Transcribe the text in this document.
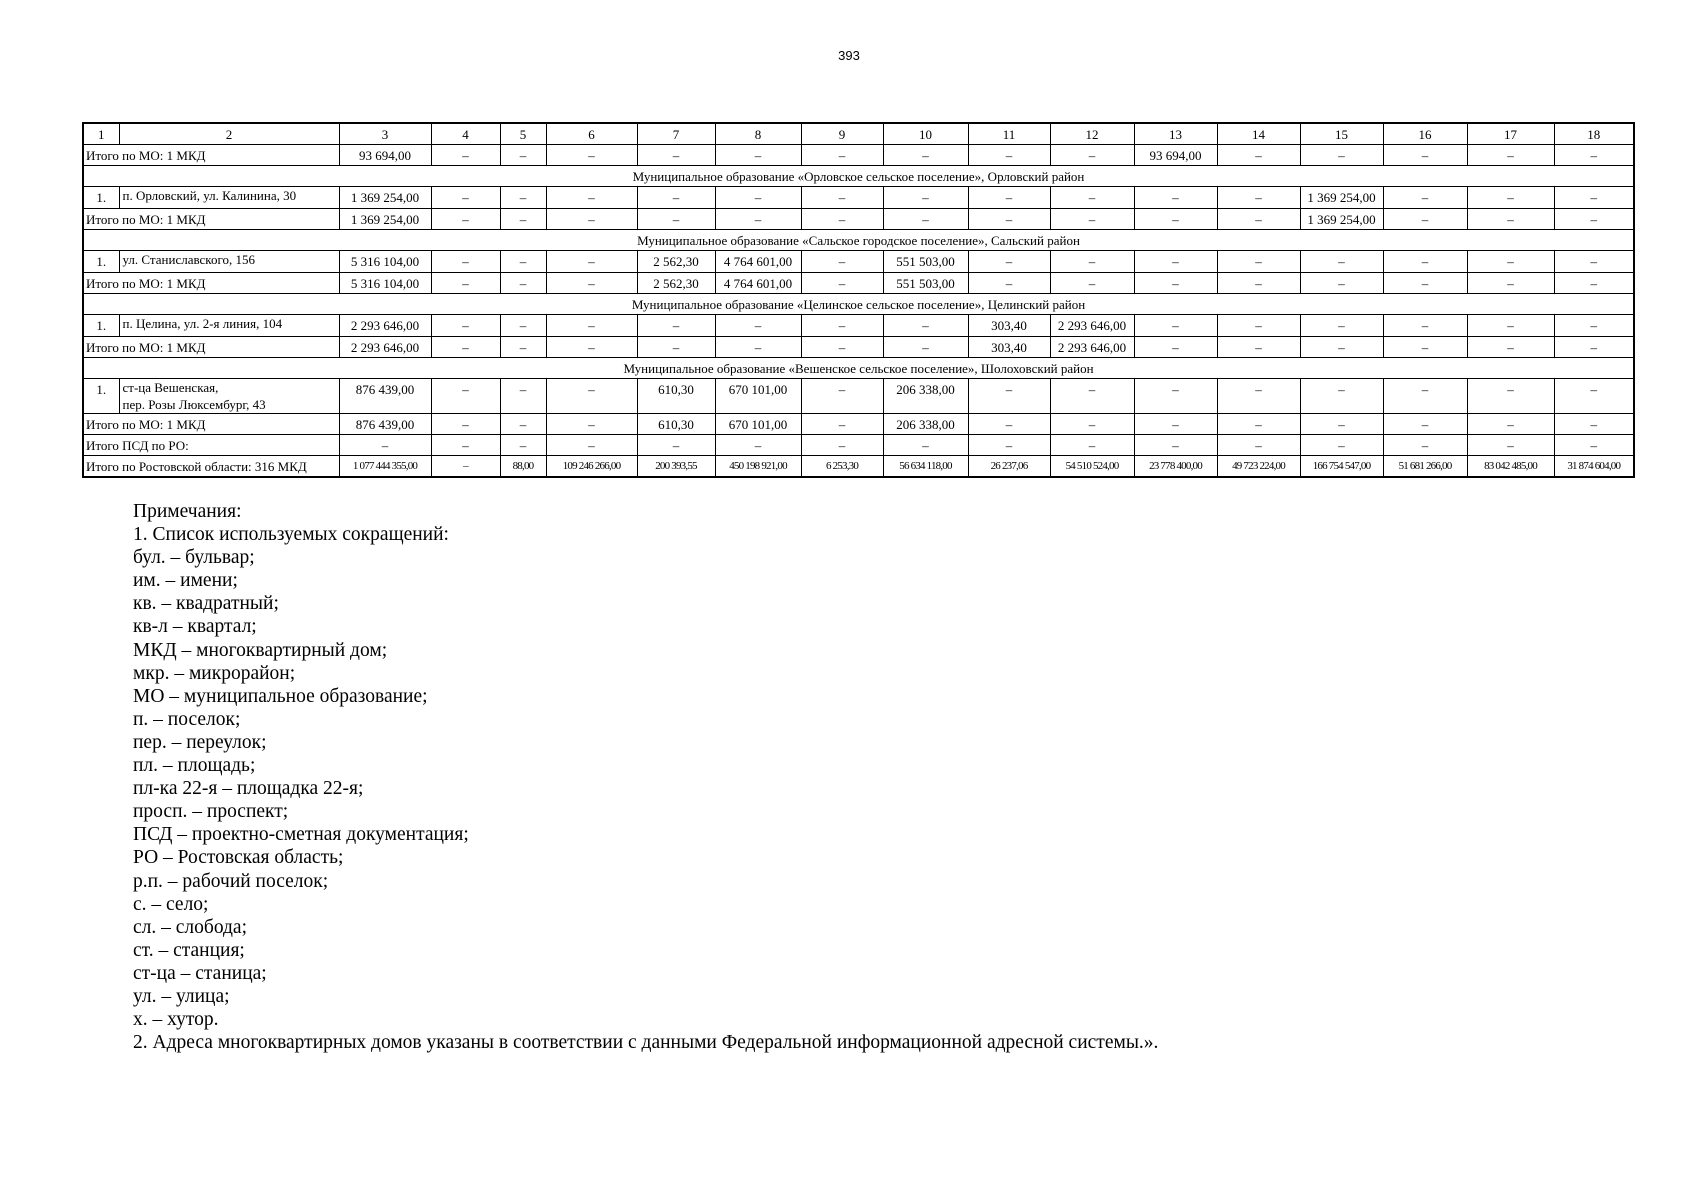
393
1	2	3	4	5	6	7	8	9	10	11	12	13	14	15	16	17	18
Итого по МО: 1 МКД		93 694,00	–	–	–	–	–	–	–	–	–	93 694,00	–	–	–	–	–
Муниципальное образование «Орловское сельское поселение», Орловский район																	
1.	п. Орловский, ул. Калинина, 30	1 369 254,00	–	–	–	–	–	–	–	–	–	–	–	1 369 254,00	–	–	–
Итого по МО: 1 МКД		1 369 254,00	–	–	–	–	–	–	–	–	–	–	–	1 369 254,00	–	–	–
Муниципальное образование «Сальское городское поселение», Сальский район																	
1.	ул. Станиславского, 156	5 316 104,00	–	–	–	2 562,30	4 764 601,00	–	551 503,00	–	–	–	–	–	–	–	–
Итого по МО: 1 МКД		5 316 104,00	–	–	–	2 562,30	4 764 601,00	–	551 503,00	–	–	–	–	–	–	–	–
Муниципальное образование «Целинское сельское поселение», Целинский район																	
1.	п. Целина, ул. 2-я линия, 104	2 293 646,00	–	–	–	–	–	–	–	303,40	2 293 646,00	–	–	–	–	–	–
Итого по МО: 1 МКД		2 293 646,00	–	–	–	–	–	–	–	303,40	2 293 646,00	–	–	–	–	–	–
Муниципальное образование «Вешенское сельское поселение», Шолоховский район																	
1.	ст-ца Вешенская,
пер. Розы Люксембург, 43	876 439,00	–	–	–	610,30	670 101,00	–	206 338,00	–	–	–	–	–	–	–	–
Итого по МО: 1 МКД		876 439,00	–	–	–	610,30	670 101,00	–	206 338,00	–	–	–	–	–	–	–	–
Итого ПСД по РО:		–	–	–	–	–	–	–	–	–	–	–	–	–	–	–	–
Итого по Ростовской области: 316 МКД		1 077 444 355,00	–	88,00	109 246 266,00	200 393,55	450 198 921,00	6 253,30	56 634 118,00	26 237,06	54 510 524,00	23 778 400,00	49 723 224,00	166 754 547,00	51 681 266,00	83 042 485,00	31 874 604,00
Примечания:
1. Список используемых сокращений:
бул. – бульвар;
им. – имени;
кв. – квадратный;
кв-л – квартал;
МКД – многоквартирный дом;
мкр. – микрорайон;
МО – муниципальное образование;
п. – поселок;
пер. – переулок;
пл. – площадь;
пл-ка 22-я – площадка 22-я;
просп. – проспект;
ПСД – проектно-сметная документация;
РО – Ростовская область;
р.п. – рабочий поселок;
с. – село;
сл. – слобода;
ст. – станция;
ст-ца – станица;
ул. – улица;
х. – хутор.
2. Адреса многоквартирных домов указаны в соответствии с данными Федеральной информационной адресной системы.».
